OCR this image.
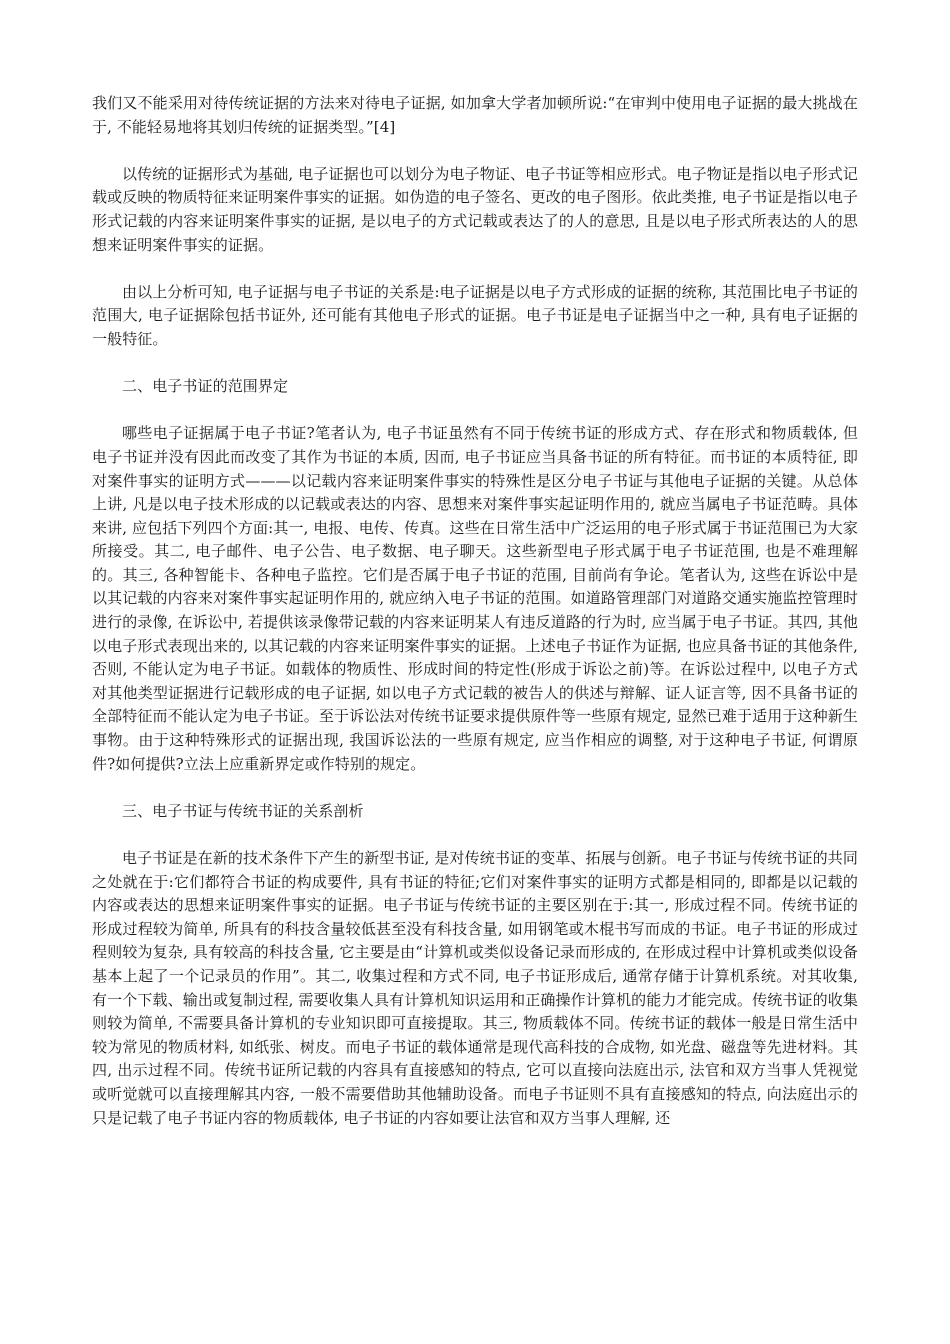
我们又不能采用对待传统证据的方法来对待电子证据, 如加拿大学者加顿所说:“在审判中使用电子证据的最大挑战在于, 不能轻易地将其划归传统的证据类型。”[4]

以传统的证据形式为基础, 电子证据也可以划分为电子物证、电子书证等相应形式。电子物证是指以电子形式记载或反映的物质特征来证明案件事实的证据。如伪造的电子签名、更改的电子图形。依此类推, 电子书证是指以电子形式记载的内容来证明案件事实的证据, 是以电子的方式记载或表达了的人的意思, 且是以电子形式所表达的人的思想来证明案件事实的证据。

由以上分析可知, 电子证据与电子书证的关系是:电子证据是以电子方式形成的证据的统称, 其范围比电子书证的范围大, 电子证据除包括书证外, 还可能有其他电子形式的证据。电子书证是电子证据当中之一种, 具有电子证据的一般特征。

二、电子书证的范围界定

哪些电子证据属于电子书证?笔者认为, 电子书证虽然有不同于传统书证的形成方式、存在形式和物质载体, 但电子书证并没有因此而改变了其作为书证的本质, 因而, 电子书证应当具备书证的所有特征。而书证的本质特征, 即对案件事实的证明方式———以记载内容来证明案件事实的特殊性是区分电子书证与其他电子证据的关键。从总体上讲, 凡是以电子技术形成的以记载或表达的内容、思想来对案件事实起证明作用的, 就应当属电子书证范畴。具体来讲, 应包括下列四个方面:其一, 电报、电传、传真。这些在日常生活中广泛运用的电子形式属于书证范围已为大家所接受。其二, 电子邮件、电子公告、电子数据、电子聊天。这些新型电子形式属于电子书证范围, 也是不难理解的。其三, 各种智能卡、各种电子监控。它们是否属于电子书证的范围, 目前尚有争论。笔者认为, 这些在诉讼中是以其记载的内容来对案件事实起证明作用的, 就应纳入电子书证的范围。如道路管理部门对道路交通实施监控管理时进行的录像, 在诉讼中, 若提供该录像带记载的内容来证明某人有违反道路的行为时, 应当属于电子书证。其四, 其他以电子形式表现出来的, 以其记载的内容来证明案件事实的证据。上述电子书证作为证据, 也应具备书证的其他条件, 否则, 不能认定为电子书证。如载体的物质性、形成时间的特定性(形成于诉讼之前)等。在诉讼过程中, 以电子方式对其他类型证据进行记载形成的电子证据, 如以电子方式记载的被告人的供述与辩解、证人证言等, 因不具备书证的全部特征而不能认定为电子书证。至于诉讼法对传统书证要求提供原件等一些原有规定, 显然已难于适用于这种新生事物。由于这种特殊形式的证据出现, 我国诉讼法的一些原有规定, 应当作相应的调整, 对于这种电子书证, 何谓原件?如何提供?立法上应重新界定或作特别的规定。

三、电子书证与传统书证的关系剖析

电子书证是在新的技术条件下产生的新型书证, 是对传统书证的变革、拓展与创新。电子书证与传统书证的共同之处就在于:它们都符合书证的构成要件, 具有书证的特征;它们对案件事实的证明方式都是相同的, 即都是以记载的内容或表达的思想来证明案件事实的证据。电子书证与传统书证的主要区别在于:其一, 形成过程不同。传统书证的形成过程较为简单, 所具有的科技含量较低甚至没有科技含量, 如用钢笔或木棍书写而成的书证。电子书证的形成过程则较为复杂, 具有较高的科技含量, 它主要是由“计算机或类似设备记录而形成的, 在形成过程中计算机或类似设备基本上起了一个记录员的作用”。其二, 收集过程和方式不同, 电子书证形成后, 通常存储于计算机系统。对其收集, 有一个下载、输出或复制过程, 需要收集人具有计算机知识运用和正确操作计算机的能力才能完成。传统书证的收集则较为简单, 不需要具备计算机的专业知识即可直接提取。其三, 物质载体不同。传统书证的载体一般是日常生活中较为常见的物质材料, 如纸张、树皮。而电子书证的载体通常是现代高科技的合成物, 如光盘、磁盘等先进材料。其四, 出示过程不同。传统书证所记载的内容具有直接感知的特点, 它可以直接向法庭出示, 法官和双方当事人凭视觉或听觉就可以直接理解其内容, 一般不需要借助其他辅助设备。而电子书证则不具有直接感知的特点, 向法庭出示的只是记载了电子书证内容的物质载体, 电子书证的内容如要让法官和双方当事人理解, 还
